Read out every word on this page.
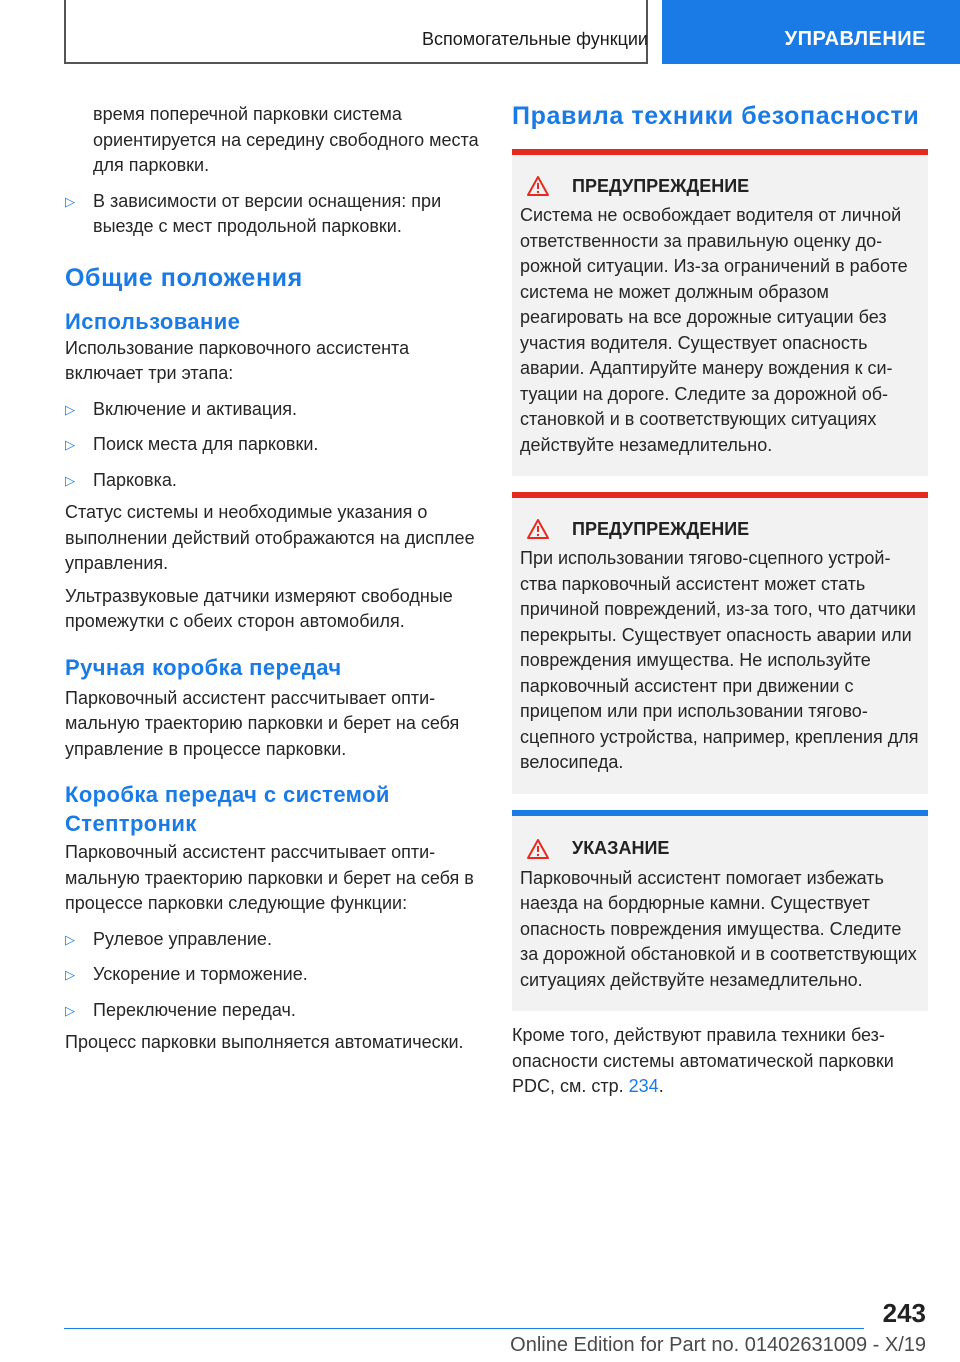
Вспомогательные функции	УПРАВЛЕНИЕ

время поперечной парковки система ориентируется на середину свободного места для парковки.

▷ В зависимости от версии оснащения: при выезде с мест продольной парковки.
Общие положения
Использование

Использование парковочного ассистента включает три этапа:

▷ Включение и активация.
▷ Поиск места для парковки.
▷ Парковка.

Статус системы и необходимые указания о выполнении действий отображаются на дисплее управления.

Ультразвуковые датчики измеряют свободные промежутки с обеих сторон автомобиля.

Ручная коробка передач

Парковочный ассистент рассчитывает оптимальную траекторию парковки и берет на себя управление в процессе парковки.

Коробка передач с системой Стептроник

Парковочный ассистент рассчитывает оптимальную траекторию парковки и берет на себя в процессе парковки следующие функции:

▷ Рулевое управление.
▷ Ускорение и торможение.
▷ Переключение передач.

Процесс парковки выполняется автоматически.

Правила техники безопасности
ПРЕДУПРЕЖДЕНИЕ

Система не освобождает водителя от личной ответственности за правильную оценку дорожной ситуации. Из-за ограничений в работе система не может должным образом реагировать на все дорожные ситуации без участия водителя. Существует опасность аварии. Адаптируйте манеру вождения к ситуации на дороге. Следите за дорожной обстановкой и в соответствующих ситуациях действуйте незамедлительно.

ПРЕДУПРЕЖДЕНИЕ

При использовании тягово-сцепного устройства парковочный ассистент может стать причиной повреждений, из-за того, что датчики перекрыты. Существует опасность аварии или повреждения имущества. Не используйте парковочный ассистент при движении с прицепом или при использовании тягово-сцепного устройства, например, крепления для велосипеда.

УКАЗАНИЕ

Парковочный ассистент помогает избежать наезда на бордюрные камни. Существует опасность повреждения имущества. Следите за дорожной обстановкой и в соответствующих ситуациях действуйте незамедлительно.

Кроме того, действуют правила техники безопасности системы автоматической парковки PDC, см. стр. 234.

243
Online Edition for Part no. 01402631009 - X/19
